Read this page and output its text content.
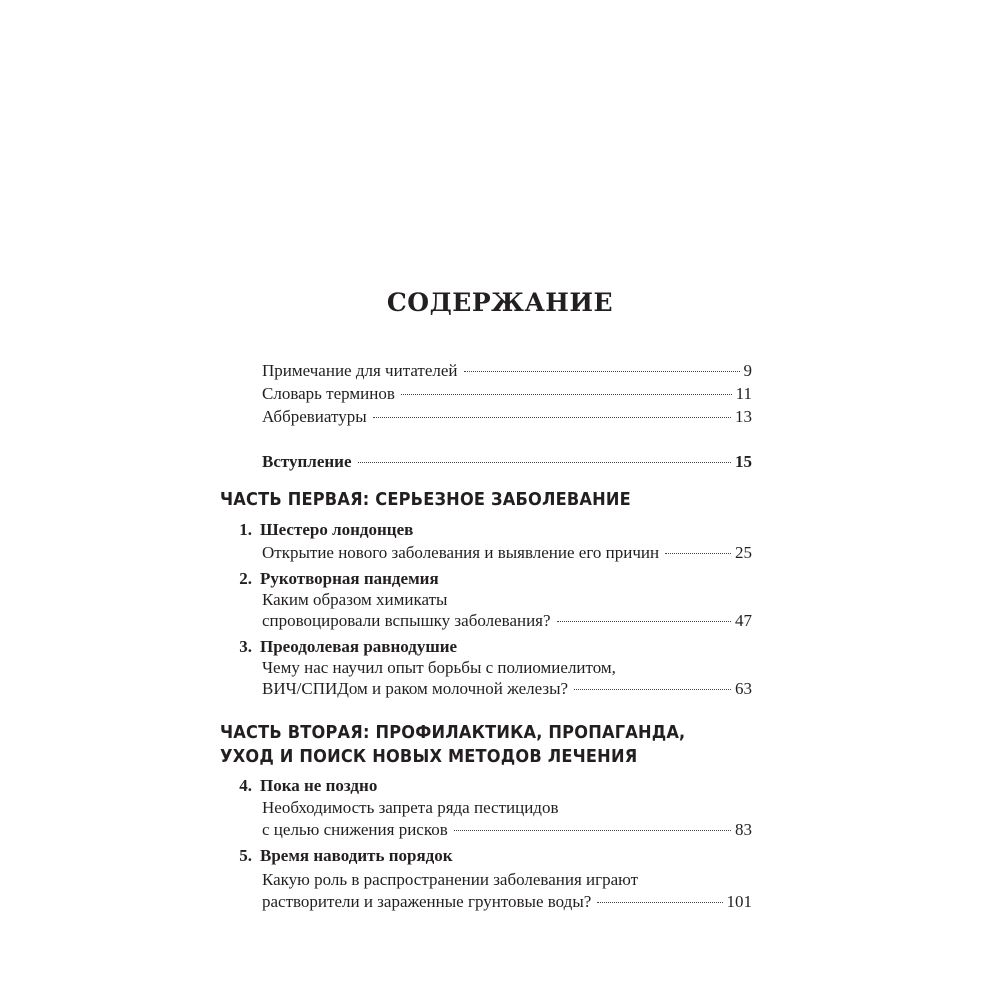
СОДЕРЖАНИЕ
Примечание для читателей	9
Словарь терминов	11
Аббревиатуры	13
Вступление	15
ЧАСТЬ ПЕРВАЯ: СЕРЬЕЗНОЕ ЗАБОЛЕВАНИЕ
1. Шестеро лондонцев
Открытие нового заболевания и выявление его причин	25
2. Рукотворная пандемия
Каким образом химикаты
спровоцировали вспышку заболевания?	47
3. Преодолевая равнодушие
Чему нас научил опыт борьбы с полиомиелитом,
ВИЧ/СПИДом и раком молочной железы?	63
ЧАСТЬ ВТОРАЯ: ПРОФИЛАКТИКА, ПРОПАГАНДА,
УХОД И ПОИСК НОВЫХ МЕТОДОВ ЛЕЧЕНИЯ
4. Пока не поздно
Необходимость запрета ряда пестицидов
с целью снижения рисков	83
5. Время наводить порядок
Какую роль в распространении заболевания играют
растворители и зараженные грунтовые воды?	101
